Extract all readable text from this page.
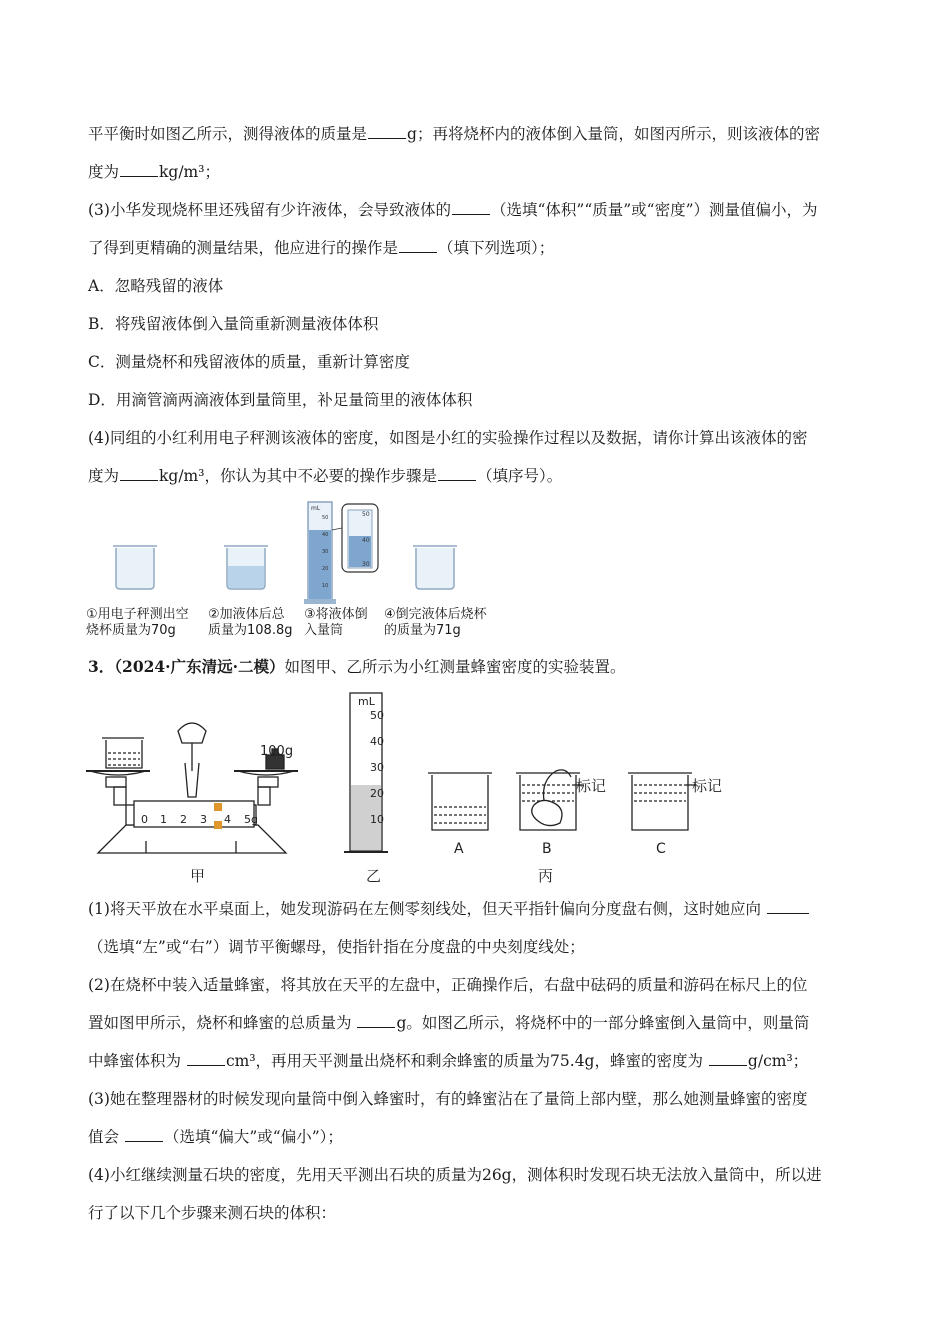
平平衡时如图乙所示，测得液体的质量是	g；再将烧杯内的液体倒入量筒，如图丙所示，则该液体的密
度为	kg/m³；
(3)小华发现烧杯里还残留有少许液体，会导致液体的	（选填“体积”“质量”或“密度”）测量值偏小，为
了得到更精确的测量结果，他应进行的操作是	（填下列选项）；
A．忽略残留的液体
B．将残留液体倒入量筒重新测量液体体积
C．测量烧杯和残留液体的质量，重新计算密度
D．用滴管滴两滴液体到量筒里，补足量筒里的液体体积
(4)同组的小红利用电子秤测该液体的密度，如图是小红的实验操作过程以及数据，请你计算出该液体的密
度为	kg/m³，你认为其中不必要的操作步骤是	（填序号）。
mL
50
40
30
20
10
50
40
30
①用电子秤测出空
烧杯质量为70g
②加液体后总
质量为108.8g
③将液体倒
入量筒
④倒完液体后烧杯
的质量为71g
3．（2024·广东清远·二模）如图甲、乙所示为小红测量蜂蜜密度的实验装置。
0 1 2 3 4 5g
100g
mL
50
40
30
20
10
标记	标记
A	B	C
甲	乙	丙
(1)将天平放在水平桌面上，她发现游码在左侧零刻线处，但天平指针偏向分度盘右侧，这时她应向
（选填“左”或“右”）调节平衡螺母，使指针指在分度盘的中央刻度线处；
(2)在烧杯中装入适量蜂蜜，将其放在天平的左盘中，正确操作后，右盘中砝码的质量和游码在标尺上的位
置如图甲所示，烧杯和蜂蜜的总质量为	g。如图乙所示，将烧杯中的一部分蜂蜜倒入量筒中，则量筒
中蜂蜜体积为	cm³，再用天平测量出烧杯和剩余蜂蜜的质量为75.4g，蜂蜜的密度为	g/cm³；
(3)她在整理器材的时候发现向量筒中倒入蜂蜜时，有的蜂蜜沾在了量筒上部内壁，那么她测量蜂蜜的密度
值会	（选填“偏大”或“偏小”）；
(4)小红继续测量石块的密度，先用天平测出石块的质量为26g，测体积时发现石块无法放入量筒中，所以进
行了以下几个步骤来测石块的体积：
